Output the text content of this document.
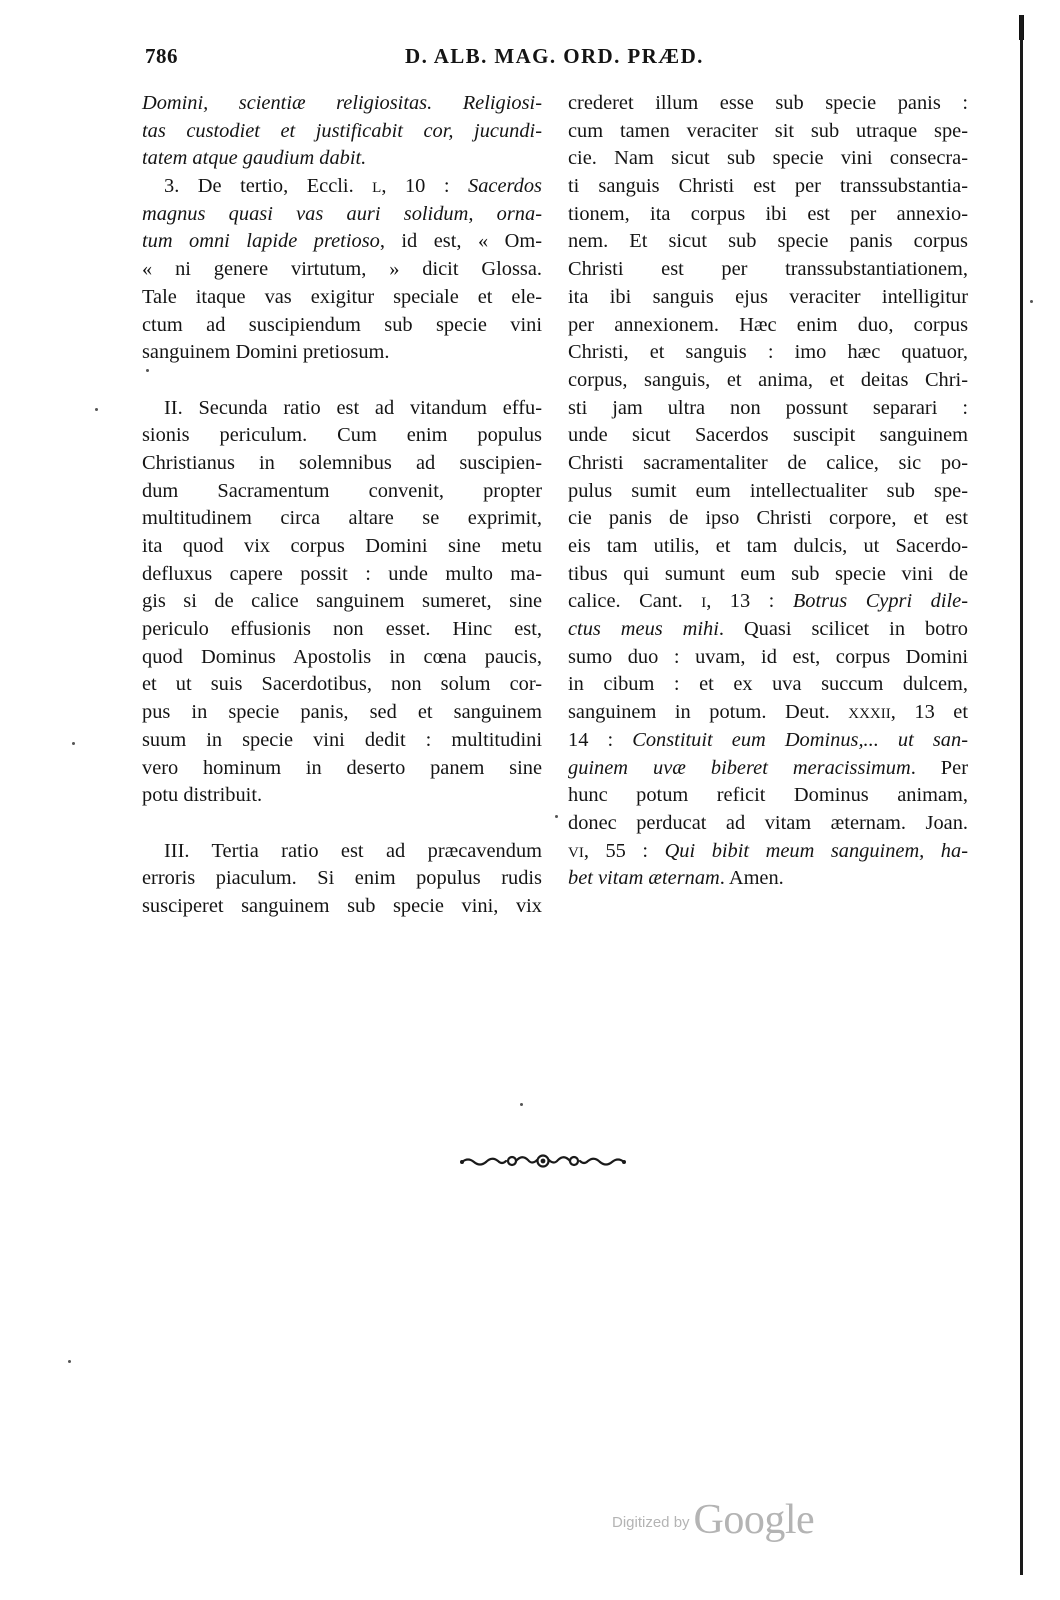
786	D. ALB. MAG. ORD. PRÆD.
Domini, scientiæ religiositas. Religiosi-
tas custodiet et justificabit cor, jucundi-
tatem atque gaudium dabit.
3. De tertio, Eccli. L, 10 : Sacerdos
magnus quasi vas auri solidum, orna-
tum omni lapide pretioso, id est, « Om-
« ni genere virtutum, » dicit Glossa.
Tale itaque vas exigitur speciale et ele-
ctum ad suscipiendum sub specie vini
sanguinem Domini pretiosum.
II. Secunda ratio est ad vitandum effu-
sionis periculum. Cum enim populus
Christianus in solemnibus ad suscipien-
dum Sacramentum convenit, propter
multitudinem circa altare se exprimit,
ita quod vix corpus Domini sine metu
defluxus capere possit : unde multo ma-
gis si de calice sanguinem sumeret, sine
periculo effusionis non esset. Hinc est,
quod Dominus Apostolis in cœna paucis,
et ut suis Sacerdotibus, non solum cor-
pus in specie panis, sed et sanguinem
suum in specie vini dedit : multitudini
vero hominum in deserto panem sine
potu distribuit.
III. Tertia ratio est ad præcavendum
erroris piaculum. Si enim populus rudis
susciperet sanguinem sub specie vini, vix
crederet illum esse sub specie panis :
cum tamen veraciter sit sub utraque spe-
cie. Nam sicut sub specie vini consecra-
ti sanguis Christi est per transsubstantia-
tionem, ita corpus ibi est per annexio-
nem. Et sicut sub specie panis corpus
Christi est per transsubstantiationem,
ita ibi sanguis ejus veraciter intelligitur
per annexionem. Hæc enim duo, corpus
Christi, et sanguis : imo hæc quatuor,
corpus, sanguis, et anima, et deitas Chri-
sti jam ultra non possunt separari :
unde sicut Sacerdos suscipit sanguinem
Christi sacramentaliter de calice, sic po-
pulus sumit eum intellectualiter sub spe-
cie panis de ipso Christi corpore, et est
eis tam utilis, et tam dulcis, ut Sacerdo-
tibus qui sumunt eum sub specie vini de
calice. Cant. I, 13 : Botrus Cypri dile-
ctus meus mihi. Quasi scilicet in botro
sumo duo : uvam, id est, corpus Domini
in cibum : et ex uva succum dulcem,
sanguinem in potum. Deut. XXXII, 13 et
14 : Constituit eum Dominus,... ut san-
guinem uvæ biberet meracissimum. Per
hunc potum reficit Dominus animam,
donec perducat ad vitam æternam. Joan.
VI, 55 : Qui bibit meum sanguinem, ha-
bet vitam æternam. Amen.
Digitized byGoogle
